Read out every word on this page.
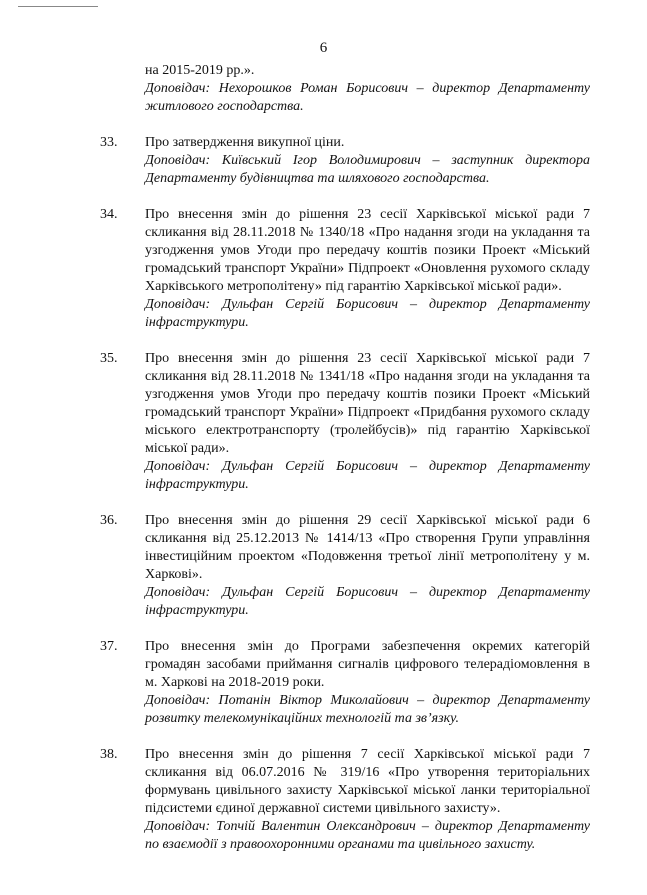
6
на 2015-2019 рр.».
Доповідач: Нехорошков Роман Борисович – директор Департаменту житлового господарства.
33.	Про затвердження викупної ціни.
Доповідач: Київський Ігор Володимирович – заступник директора Департаменту будівництва та шляхового господарства.
34.	Про внесення змін до рішення 23 сесії Харківської міської ради 7 скликання від 28.11.2018 № 1340/18 «Про надання згоди на укладання та узгодження умов Угоди про передачу коштів позики Проект «Міський громадський транспорт України» Підпроект «Оновлення рухомого складу Харківського метрополітену» під гарантію Харківської міської ради».
Доповідач: Дульфан Сергій Борисович – директор Департаменту інфраструктури.
35.	Про внесення змін до рішення 23 сесії Харківської міської ради 7 скликання від 28.11.2018 № 1341/18 «Про надання згоди на укладання та узгодження умов Угоди про передачу коштів позики Проект «Міський громадський транспорт України» Підпроект «Придбання рухомого складу міського електротранспорту (тролейбусів)» під гарантію Харківської міської ради».
Доповідач: Дульфан Сергій Борисович – директор Департаменту інфраструктури.
36.	Про внесення змін до рішення 29 сесії Харківської міської ради 6 скликання від 25.12.2013 № 1414/13 «Про створення Групи управління інвестиційним проектом «Подовження третьої лінії метрополітену у м. Харкові».
Доповідач: Дульфан Сергій Борисович – директор Департаменту інфраструктури.
37.	Про внесення змін до Програми забезпечення окремих категорій громадян засобами приймання сигналів цифрового телерадіомовлення в м. Харкові на 2018-2019 роки.
Доповідач: Потанін Віктор Миколайович – директор Департаменту розвитку телекомунікаційних технологій та зв’язку.
38.	Про внесення змін до рішення 7 сесії Харківської міської ради 7 скликання від 06.07.2016 № 319/16 «Про утворення територіальних формувань цивільного захисту Харківської міської ланки територіальної підсистеми єдиної державної системи цивільного захисту».
Доповідач: Топчій Валентин Олександрович – директор Департаменту по взаємодії з правоохоронними органами та цивільного захисту.
